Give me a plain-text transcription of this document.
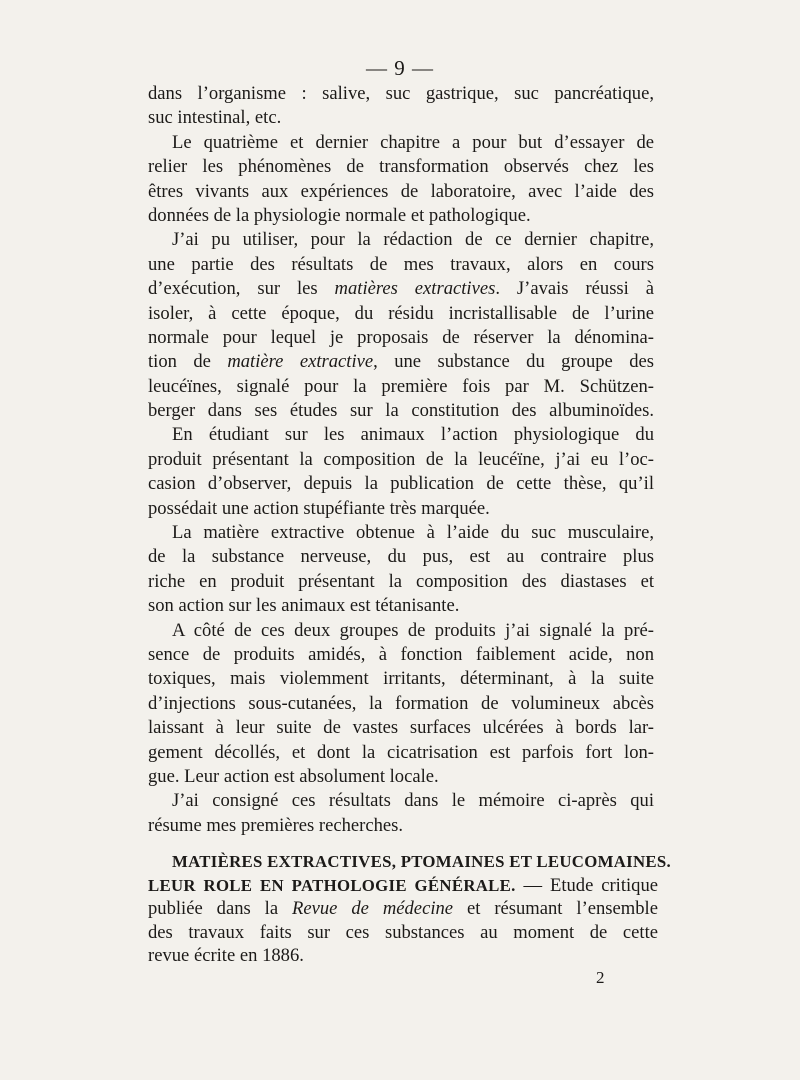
— 9 —
dans l’organisme : salive, suc gastrique, suc pancréatique,
suc intestinal, etc.
Le quatrième et dernier chapitre a pour but d’essayer de
relier les phénomènes de transformation observés chez les
êtres vivants aux expériences de laboratoire, avec l’aide des
données de la physiologie normale et pathologique.
J’ai pu utiliser, pour la rédaction de ce dernier chapitre,
une partie des résultats de mes travaux, alors en cours
d’exécution, sur les matières extractives. J’avais réussi à
isoler, à cette époque, du résidu incristallisable de l’urine
normale pour lequel je proposais de réserver la dénomina-
tion de matière extractive, une substance du groupe des
leucéïnes, signalé pour la première fois par M. Schützen-
berger dans ses études sur la constitution des albuminoïdes.
En étudiant sur les animaux l’action physiologique du
produit présentant la composition de la leucéïne, j’ai eu l’oc-
casion d’observer, depuis la publication de cette thèse, qu’il
possédait une action stupéfiante très marquée.
La matière extractive obtenue à l’aide du suc musculaire,
de la substance nerveuse, du pus, est au contraire plus
riche en produit présentant la composition des diastases et
son action sur les animaux est tétanisante.
A côté de ces deux groupes de produits j’ai signalé la pré-
sence de produits amidés, à fonction faiblement acide, non
toxiques, mais violemment irritants, déterminant, à la suite
d’injections sous-cutanées, la formation de volumineux abcès
laissant à leur suite de vastes surfaces ulcérées à bords lar-
gement décollés, et dont la cicatrisation est parfois fort lon-
gue. Leur action est absolument locale.
J’ai consigné ces résultats dans le mémoire ci-après qui
résume mes premières recherches.
MATIÈRES EXTRACTIVES, PTOMAINES ET LEUCOMAINES.
LEUR ROLE EN PATHOLOGIE GÉNÉRALE. — Etude critique
publiée dans la Revue de médecine et résumant l’ensemble
des travaux faits sur ces substances au moment de cette
revue écrite en 1886.
2
